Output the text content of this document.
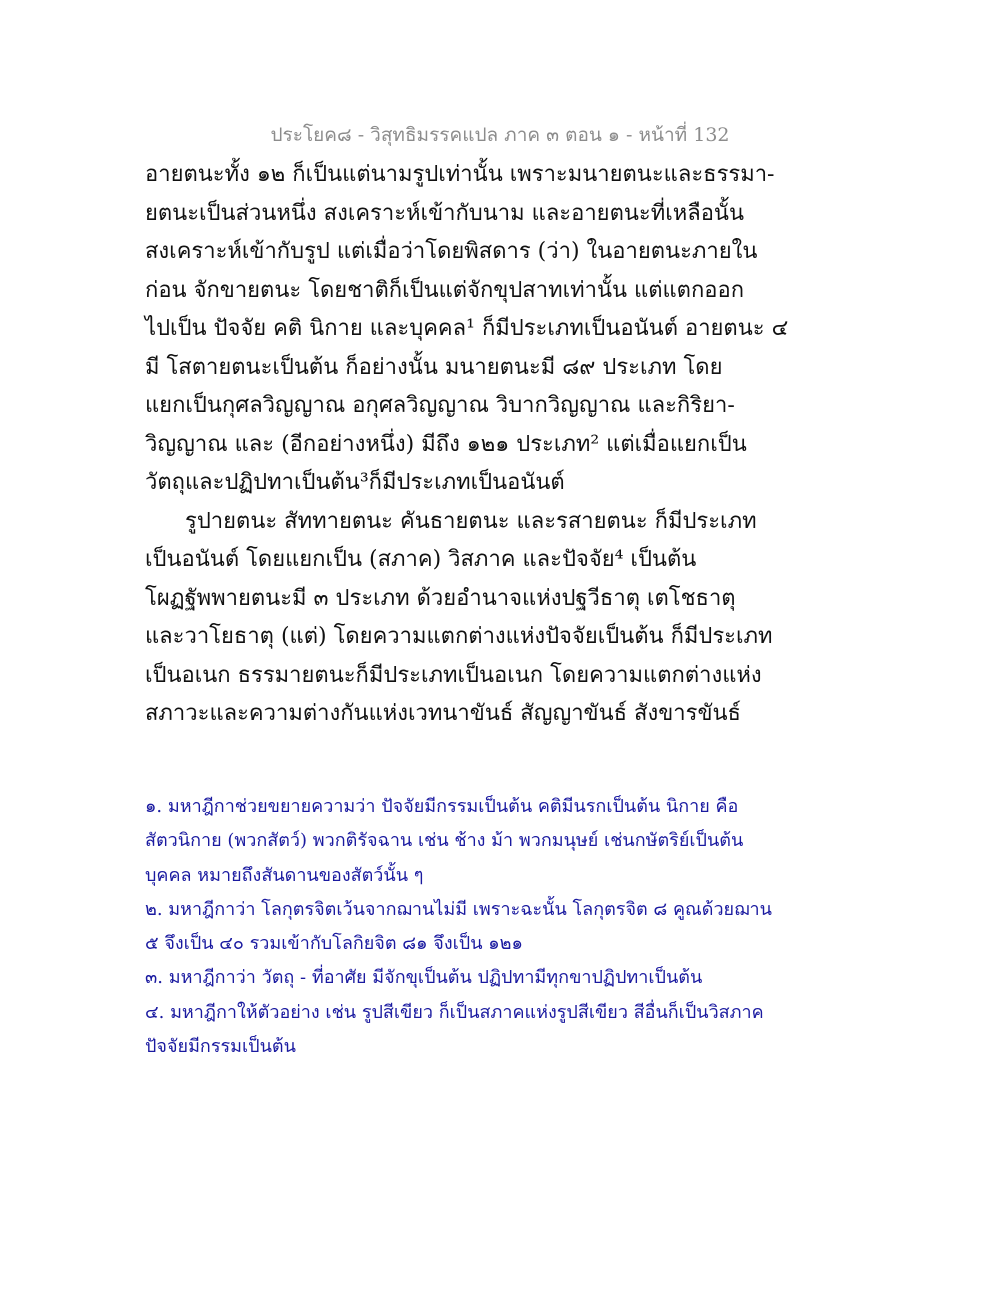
ประโยค๘ - วิสุทธิมรรคแปล ภาค ๓ ตอน ๑ - หน้าที่ 132
อายตนะทั้ง ๑๒ ก็เป็นแต่นามรูปเท่านั้น เพราะมนายตนะและธรรมา-
ยตนะเป็นส่วนหนึ่ง สงเคราะห์เข้ากับนาม และอายตนะที่เหลือนั้น
สงเคราะห์เข้ากับรูป แต่เมื่อว่าโดยพิสดาร (ว่า) ในอายตนะภายใน
ก่อน จักขายตนะ โดยชาติก็เป็นแต่จักขุปสาทเท่านั้น แต่แตกออก
ไปเป็น ปัจจัย คติ นิกาย และบุคคล¹ ก็มีประเภทเป็นอนันต์ อายตนะ ๔
มี โสตายตนะเป็นต้น ก็อย่างนั้น มนายตนะมี ๘๙ ประเภท โดย
แยกเป็นกุศลวิญญาณ อกุศลวิญญาณ วิบากวิญญาณ และกิริยา-
วิญญาณ และ (อีกอย่างหนึ่ง) มีถึง ๑๒๑ ประเภท² แต่เมื่อแยกเป็น
วัตถุและปฏิปทาเป็นต้น³ก็มีประเภทเป็นอนันต์
รูปายตนะ สัททายตนะ คันธายตนะ และรสายตนะ ก็มีประเภท
เป็นอนันต์ โดยแยกเป็น (สภาค) วิสภาค และปัจจัย⁴ เป็นต้น
โผฏฐัพพายตนะมี ๓ ประเภท ด้วยอำนาจแห่งปฐวีธาตุ เตโชธาตุ
และวาโยธาตุ (แต่) โดยความแตกต่างแห่งปัจจัยเป็นต้น ก็มีประเภท
เป็นอเนก ธรรมายตนะก็มีประเภทเป็นอเนก โดยความแตกต่างแห่ง
สภาวะและความต่างกันแห่งเวทนาขันธ์ สัญญาขันธ์ สังขารขันธ์
๑. มหาฎีกาช่วยขยายความว่า ปัจจัยมีกรรมเป็นต้น คติมีนรกเป็นต้น นิกาย คือ
สัตวนิกาย (พวกสัตว์) พวกติรัจฉาน เช่น ช้าง ม้า พวกมนุษย์ เช่นกษัตริย์เป็นต้น
บุคคล หมายถึงสันดานของสัตว์นั้น ๆ
๒. มหาฎีกาว่า โลกุตรจิตเว้นจากฌานไม่มี เพราะฉะนั้น โลกุตรจิต ๘ คูณด้วยฌาน
๕ จึงเป็น ๔๐ รวมเข้ากับโลกิยจิต ๘๑ จึงเป็น ๑๒๑
๓. มหาฎีกาว่า วัตถุ - ที่อาศัย มีจักขุเป็นต้น ปฏิปทามีทุกขาปฏิปทาเป็นต้น
๔. มหาฎีกาให้ตัวอย่าง เช่น รูปสีเขียว ก็เป็นสภาคแห่งรูปสีเขียว สีอื่นก็เป็นวิสภาค
ปัจจัยมีกรรมเป็นต้น
